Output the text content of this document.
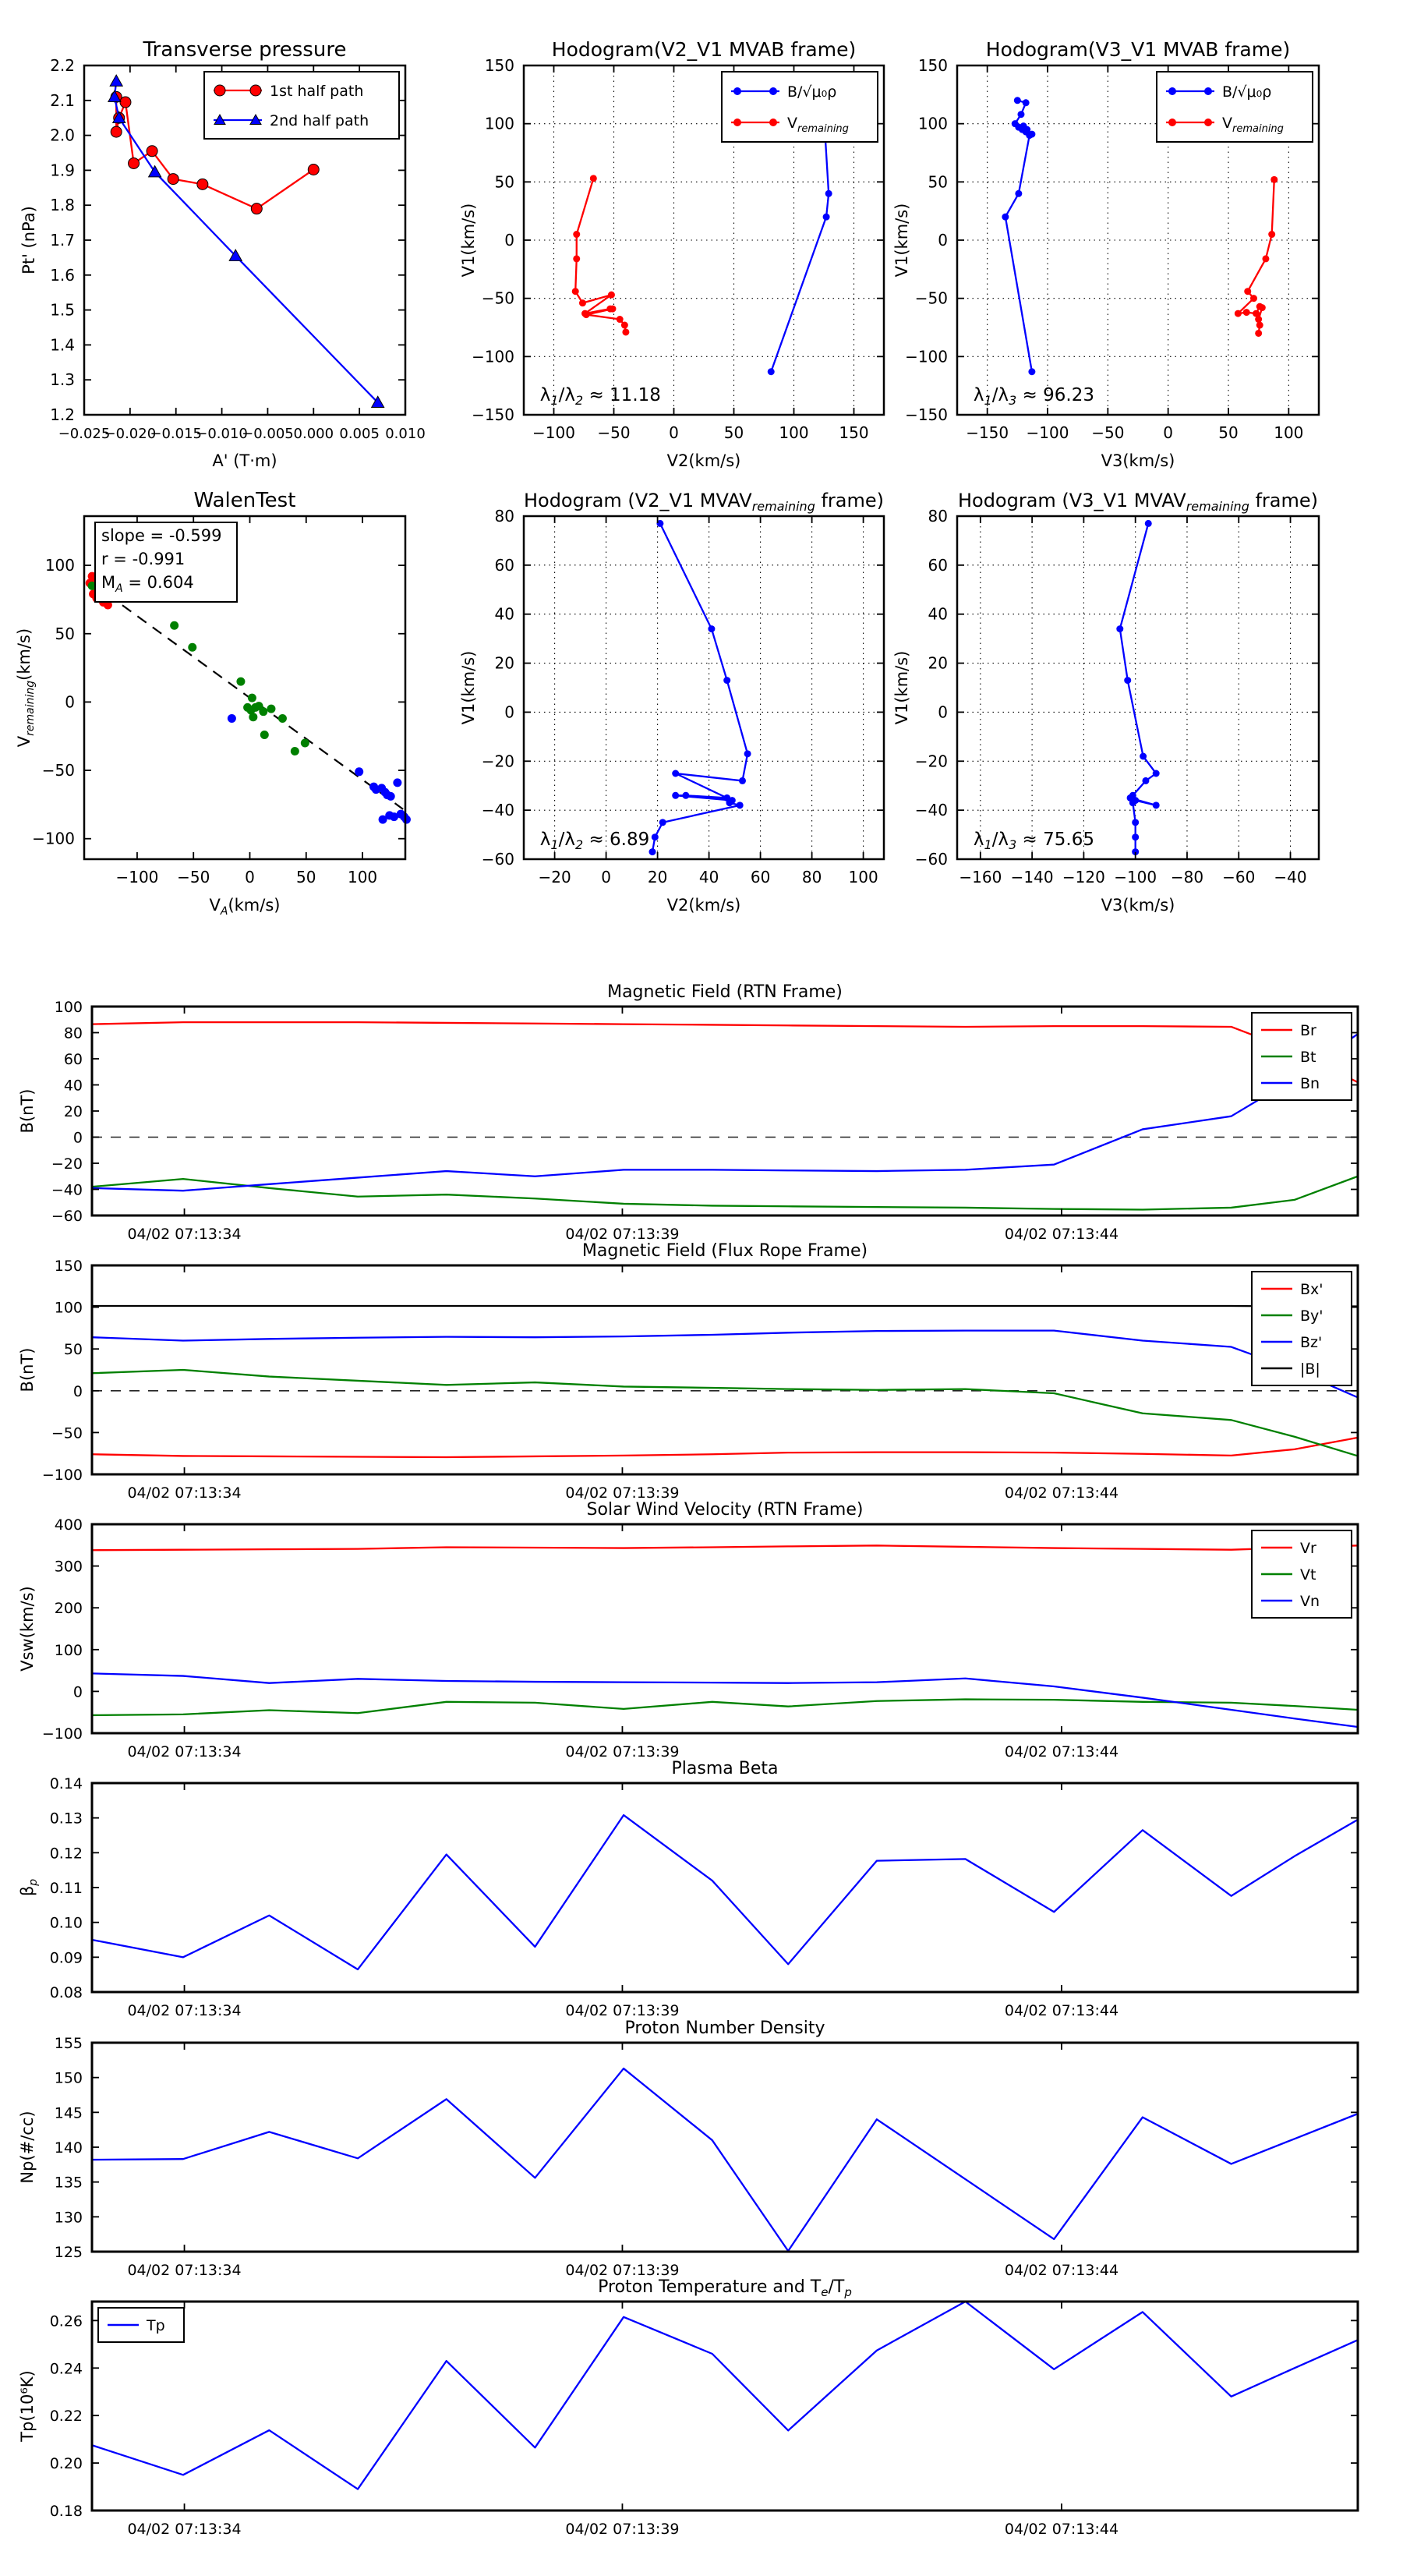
−0.025
−0.020
−0.015
−0.010
−0.005 0.000 0.005 0.010
1.2
1.3
1.4
1.5
1.6
1.7
1.8
1.9
2.0
2.1
2.2
Transverse pressure
A' (T·m)
Pt' (nPa)
1st half path
2nd half path
−100 −50 0	50 100 150
−150
−100
−50
0
50
100
150
Hodogram(V2_V1 MVAB frame)
V2(km/s)
V1(km/s)
B/√μ₀ρ
$V_{remaining}$
$\lambda_1/\lambda_2 \approx 11.18$
−150 −100 −50 0	50 100
−150
−100
−50
0
50
100
150
Hodogram(V3_V1 MVAB frame)
V3(km/s)
V1(km/s)
B/√μ₀ρ
$V_{remaining}$
$\lambda_1/\lambda_3 \approx 96.23$
−100 −50 0	50 100
−100
−50
0
50
100
WalenTest
$V_A(km/s)$
$V_{remaining}(km/s)$
slope = -0.599
r = -0.991
$M_A = 0.604$
−20 0 20 40 60 80 100
−60
−40
−20
0
20
40
60
80
Hodogram (V2_V1 $MVAV_{remaining}$ frame)
V2(km/s)
V1(km/s)
$\lambda_1/\lambda_2 \approx 6.89$
−160 −140 −120 −100 −80 −60 −40
−60
−40
−20
0
20
40
60
80
Hodogram (V3_V1 $MVAV_{remaining}$ frame)
V3(km/s)
V1(km/s)
$\lambda_1/\lambda_3 \approx 75.65$
04/02 07:13:34	04/02 07:13:39	04/02 07:13:44
−60
−40
−20
0
20
40
60
80
100
Magnetic Field (RTN Frame)
B(nT)
Br
Bt
Bn
04/02 07:13:34	04/02 07:13:39	04/02 07:13:44
−100
−50
0
50
100
150
Magnetic Field (Flux Rope Frame)
B(nT)
Bx'
By'
Bz'
|B|
04/02 07:13:34	04/02 07:13:39	04/02 07:13:44
−100
0
100
200
300
400
Solar Wind Velocity (RTN Frame)
Vsw(km/s)
Vr
Vt
Vn
04/02 07:13:34	04/02 07:13:39	04/02 07:13:44
0.08
0.09
0.10
0.11
0.12
0.13
0.14
Plasma Beta
$\beta_p$
04/02 07:13:34	04/02 07:13:39	04/02 07:13:44
125
130
135
140
145
150
155
Proton Number Density
Np(#/cc)
04/02 07:13:34	04/02 07:13:39	04/02 07:13:44
0.18
0.20
0.22
0.24
0.26
Proton Temperature and $T_e/T_p$
Tp(10⁶K)
Tp
